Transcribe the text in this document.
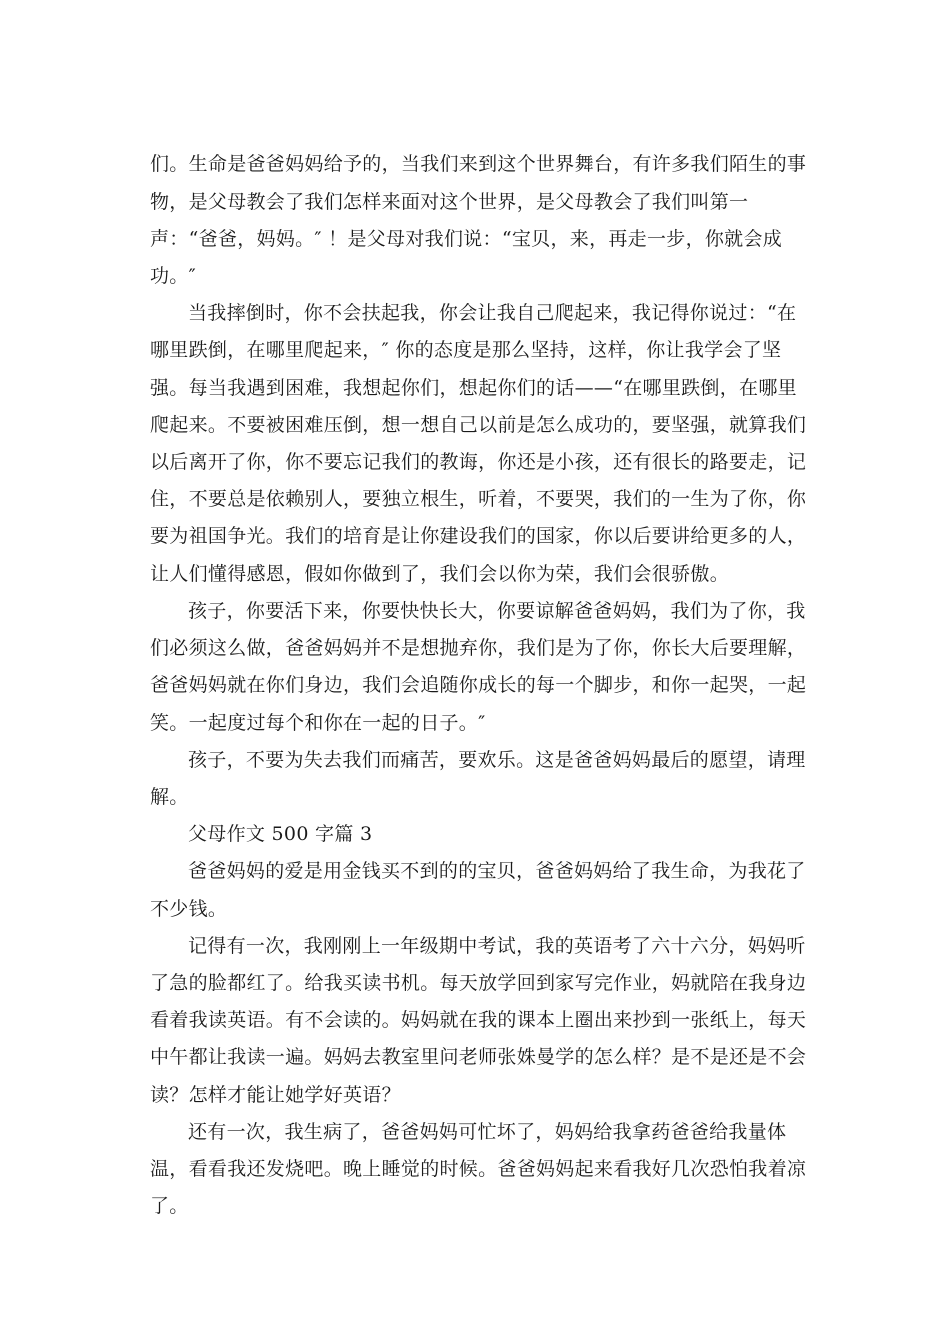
们。生命是爸爸妈妈给予的，当我们来到这个世界舞台，有许多我们陌生的事
物，是父母教会了我们怎样来面对这个世界，是父母教会了我们叫第一
声：“爸爸，妈妈。″ ！是父母对我们说：“宝贝，来，再走一步，你就会成
功。″
当我摔倒时，你不会扶起我，你会让我自己爬起来，我记得你说过：“在
哪里跌倒，在哪里爬起来，″ 你的态度是那么坚持，这样，你让我学会了坚
强。每当我遇到困难，我想起你们，想起你们的话——“在哪里跌倒，在哪里
爬起来。不要被困难压倒，想一想自己以前是怎么成功的，要坚强，就算我们
以后离开了你，你不要忘记我们的教诲，你还是小孩，还有很长的路要走，记
住，不要总是依赖别人，要独立根生，听着，不要哭，我们的一生为了你，你
要为祖国争光。我们的培育是让你建设我们的国家，你以后要讲给更多的人，
让人们懂得感恩，假如你做到了，我们会以你为荣，我们会很骄傲。
孩子，你要活下来，你要快快长大，你要谅解爸爸妈妈，我们为了你，我
们必须这么做，爸爸妈妈并不是想抛弃你，我们是为了你，你长大后要理解，
爸爸妈妈就在你们身边，我们会追随你成长的每一个脚步，和你一起哭，一起
笑。一起度过每个和你在一起的日子。″
孩子，不要为失去我们而痛苦，要欢乐。这是爸爸妈妈最后的愿望，请理
解。
父母作文 500 字篇 3
爸爸妈妈的爱是用金钱买不到的的宝贝，爸爸妈妈给了我生命，为我花了
不少钱。
记得有一次，我刚刚上一年级期中考试，我的英语考了六十六分，妈妈听
了急的脸都红了。给我买读书机。每天放学回到家写完作业，妈就陪在我身边
看着我读英语。有不会读的。妈妈就在我的课本上圈出来抄到一张纸上，每天
中午都让我读一遍。妈妈去教室里问老师张姝曼学的怎么样？是不是还是不会
读？怎样才能让她学好英语？
还有一次，我生病了，爸爸妈妈可忙坏了，妈妈给我拿药爸爸给我量体
温，看看我还发烧吧。晚上睡觉的时候。爸爸妈妈起来看我好几次恐怕我着凉
了。
